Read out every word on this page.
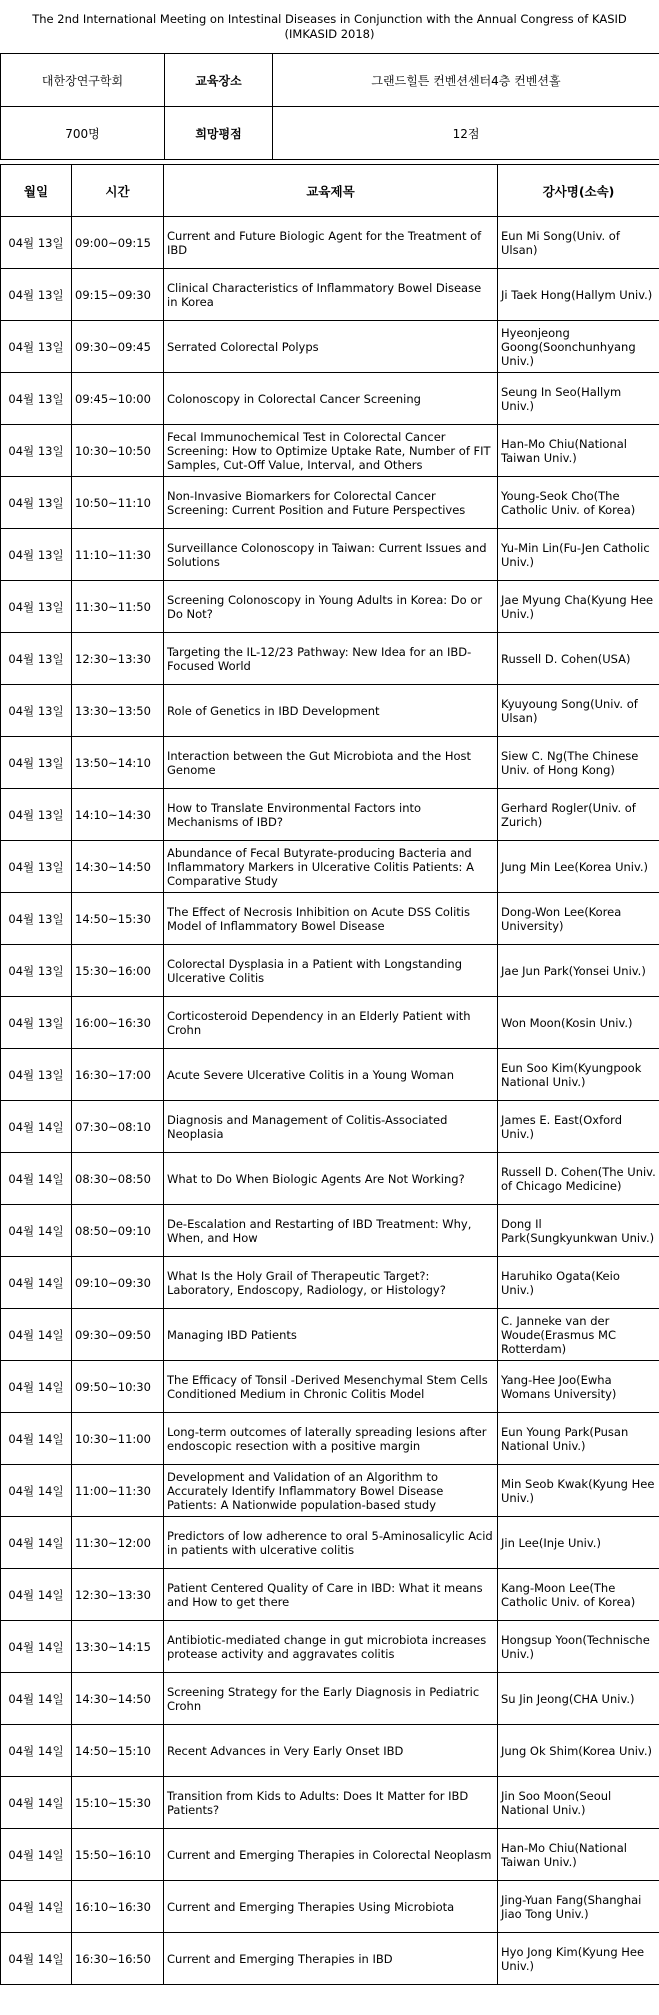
The 2nd International Meeting on Intestinal Diseases in Conjunction with the Annual Congress of KASID
(IMKASID 2018)
대한장연구학회	교육장소	그랜드힐튼 컨벤션센터4층 컨벤션홀
700명	희망평점	12점
월일	시간	교육제목	강사명(소속)
04월 13일	09:00~09:15	Current and Future Biologic Agent for the Treatment of IBD	Eun Mi Song(Univ. of Ulsan)
04월 13일	09:15~09:30	Clinical Characteristics of Inflammatory Bowel Disease in Korea	Ji Taek Hong(Hallym Univ.)
04월 13일	09:30~09:45	Serrated Colorectal Polyps	Hyeonjeong Goong(Soonchunhyang Univ.)
04월 13일	09:45~10:00	Colonoscopy in Colorectal Cancer Screening	Seung In Seo(Hallym Univ.)
04월 13일	10:30~10:50	Fecal Immunochemical Test in Colorectal Cancer Screening: How to Optimize Uptake Rate, Number of FIT Samples, Cut-Off Value, Interval, and Others	Han-Mo Chiu(National Taiwan Univ.)
04월 13일	10:50~11:10	Non-Invasive Biomarkers for Colorectal Cancer Screening: Current Position and Future Perspectives	Young-Seok Cho(The Catholic Univ. of Korea)
04월 13일	11:10~11:30	Surveillance Colonoscopy in Taiwan: Current Issues and Solutions	Yu-Min Lin(Fu-Jen Catholic Univ.)
04월 13일	11:30~11:50	Screening Colonoscopy in Young Adults in Korea: Do or Do Not?	Jae Myung Cha(Kyung Hee Univ.)
04월 13일	12:30~13:30	Targeting the IL-12/23 Pathway: New Idea for an IBD-Focused World	Russell D. Cohen(USA)
04월 13일	13:30~13:50	Role of Genetics in IBD Development	Kyuyoung Song(Univ. of Ulsan)
04월 13일	13:50~14:10	Interaction between the Gut Microbiota and the Host Genome	Siew C. Ng(The Chinese Univ. of Hong Kong)
04월 13일	14:10~14:30	How to Translate Environmental Factors into Mechanisms of IBD?	Gerhard Rogler(Univ. of Zurich)
04월 13일	14:30~14:50	Abundance of Fecal Butyrate-producing Bacteria and Inflammatory Markers in Ulcerative Colitis Patients: A Comparative Study	Jung Min Lee(Korea Univ.)
04월 13일	14:50~15:30	The Effect of Necrosis Inhibition on Acute DSS Colitis Model of Inflammatory Bowel Disease	Dong-Won Lee(Korea University)
04월 13일	15:30~16:00	Colorectal Dysplasia in a Patient with Longstanding Ulcerative Colitis	Jae Jun Park(Yonsei Univ.)
04월 13일	16:00~16:30	Corticosteroid Dependency in an Elderly Patient with Crohn	Won Moon(Kosin Univ.)
04월 13일	16:30~17:00	Acute Severe Ulcerative Colitis in a Young Woman	Eun Soo Kim(Kyungpook National Univ.)
04월 14일	07:30~08:10	Diagnosis and Management of Colitis-Associated Neoplasia	James E. East(Oxford Univ.)
04월 14일	08:30~08:50	What to Do When Biologic Agents Are Not Working?	Russell D. Cohen(The Univ. of Chicago Medicine)
04월 14일	08:50~09:10	De-Escalation and Restarting of IBD Treatment: Why, When, and How	Dong Il Park(Sungkyunkwan Univ.)
04월 14일	09:10~09:30	What Is the Holy Grail of Therapeutic Target?: Laboratory, Endoscopy, Radiology, or Histology?	Haruhiko Ogata(Keio Univ.)
04월 14일	09:30~09:50	Managing IBD Patients	C. Janneke van der Woude(Erasmus MC Rotterdam)
04월 14일	09:50~10:30	The Efficacy of Tonsil -Derived Mesenchymal Stem Cells Conditioned Medium in Chronic Colitis Model	Yang-Hee Joo(Ewha Womans University)
04월 14일	10:30~11:00	Long-term outcomes of laterally spreading lesions after endoscopic resection with a positive margin	Eun Young Park(Pusan National Univ.)
04월 14일	11:00~11:30	Development and Validation of an Algorithm to Accurately Identify Inflammatory Bowel Disease Patients: A Nationwide population-based study	Min Seob Kwak(Kyung Hee Univ.)
04월 14일	11:30~12:00	Predictors of low adherence to oral 5-Aminosalicylic Acid in patients with ulcerative colitis	Jin Lee(Inje Univ.)
04월 14일	12:30~13:30	Patient Centered Quality of Care in IBD: What it means and How to get there	Kang-Moon Lee(The Catholic Univ. of Korea)
04월 14일	13:30~14:15	Antibiotic-mediated change in gut microbiota increases protease activity and aggravates colitis	Hongsup Yoon(Technische Univ.)
04월 14일	14:30~14:50	Screening Strategy for the Early Diagnosis in Pediatric Crohn	Su Jin Jeong(CHA Univ.)
04월 14일	14:50~15:10	Recent Advances in Very Early Onset IBD	Jung Ok Shim(Korea Univ.)
04월 14일	15:10~15:30	Transition from Kids to Adults: Does It Matter for IBD Patients?	Jin Soo Moon(Seoul National Univ.)
04월 14일	15:50~16:10	Current and Emerging Therapies in Colorectal Neoplasm	Han-Mo Chiu(National Taiwan Univ.)
04월 14일	16:10~16:30	Current and Emerging Therapies Using Microbiota	Jing-Yuan Fang(Shanghai Jiao Tong Univ.)
04월 14일	16:30~16:50	Current and Emerging Therapies in IBD	Hyo Jong Kim(Kyung Hee Univ.)
